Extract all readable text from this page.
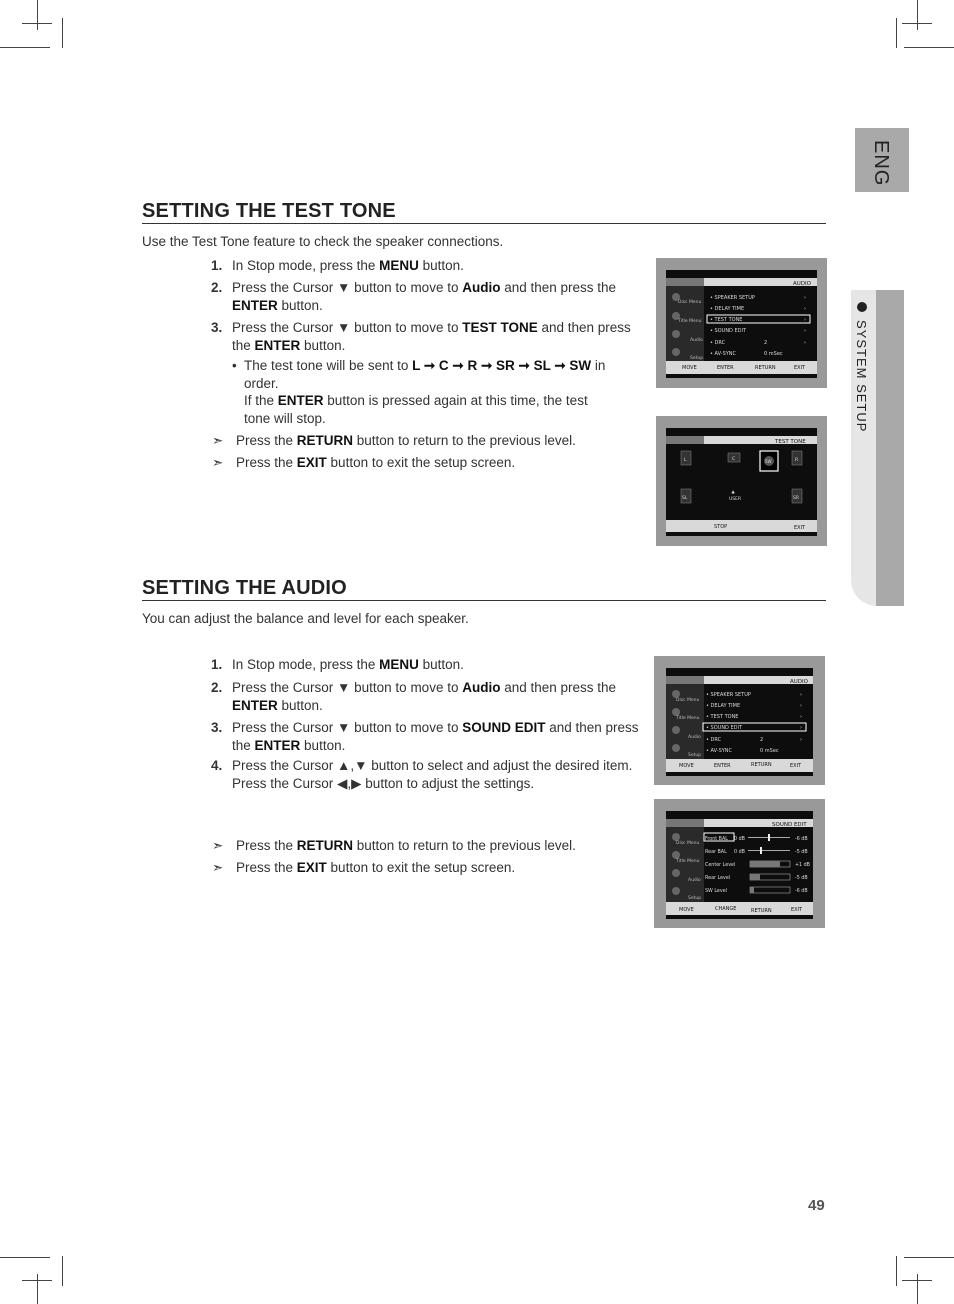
ENG
SYSTEM SETUP
SETTING THE TEST TONE
Use the Test Tone feature to check the speaker connections.
1. In Stop mode, press the MENU button.
2. Press the Cursor ▼ button to move to Audio and then press the ENTER button.
3. Press the Cursor ▼ button to move to TEST TONE and then press the ENTER button.
• The test tone will be sent to L ➞ C ➞ R ➞ SR ➞ SL ➞ SW in order.
If the ENTER button is pressed again at this time, the test tone will stop.
➣ Press the RETURN button to return to the previous level.
➣ Press the EXIT button to exit the setup screen.
AUDIO
Disc Menu
Title Menu
Audio
Setup
• SPEAKER SETUP	›
• DELAY TIME	›
• TEST TONE	›
• SOUND EDIT	›
• DRC	2	›
• AV-SYNC	0 mSec
MOVE	ENTER	RETURN	EXIT
TEST TONE
L	C	SW	R
SL
♣
USER	SR
STOP	EXIT
SETTING THE AUDIO
You can adjust the balance and level for each speaker.
1. In Stop mode, press the MENU button.
2. Press the Cursor ▼ button to move to Audio and then press the ENTER button.
3. Press the Cursor ▼ button to move to SOUND EDIT and then press the ENTER button.
4. Press the Cursor ▲,▼ button to select and adjust the desired item.
Press the Cursor ◀,▶ button to adjust the settings.
➣ Press the RETURN button to return to the previous level.
➣ Press the EXIT button to exit the setup screen.
AUDIO
Disc Menu
Title Menu
Audio
Setup
• SPEAKER SETUP	›
• DELAY TIME	›
• TEST TONE	›
• SOUND EDIT	›
• DRC	2	›
• AV-SYNC	0 mSec
MOVE	ENTER	RETURN	EXIT
SOUND EDIT
Disc Menu
Title Menu
Audio
Setup
Front BAL 0 dB	-6 dB
Rear BAL 0 dB	-5 dB
Center Level	+1 dB
Rear Level	-5 dB
SW Level	-6 dB
MOVE	CHANGE	RETURN	EXIT
49
